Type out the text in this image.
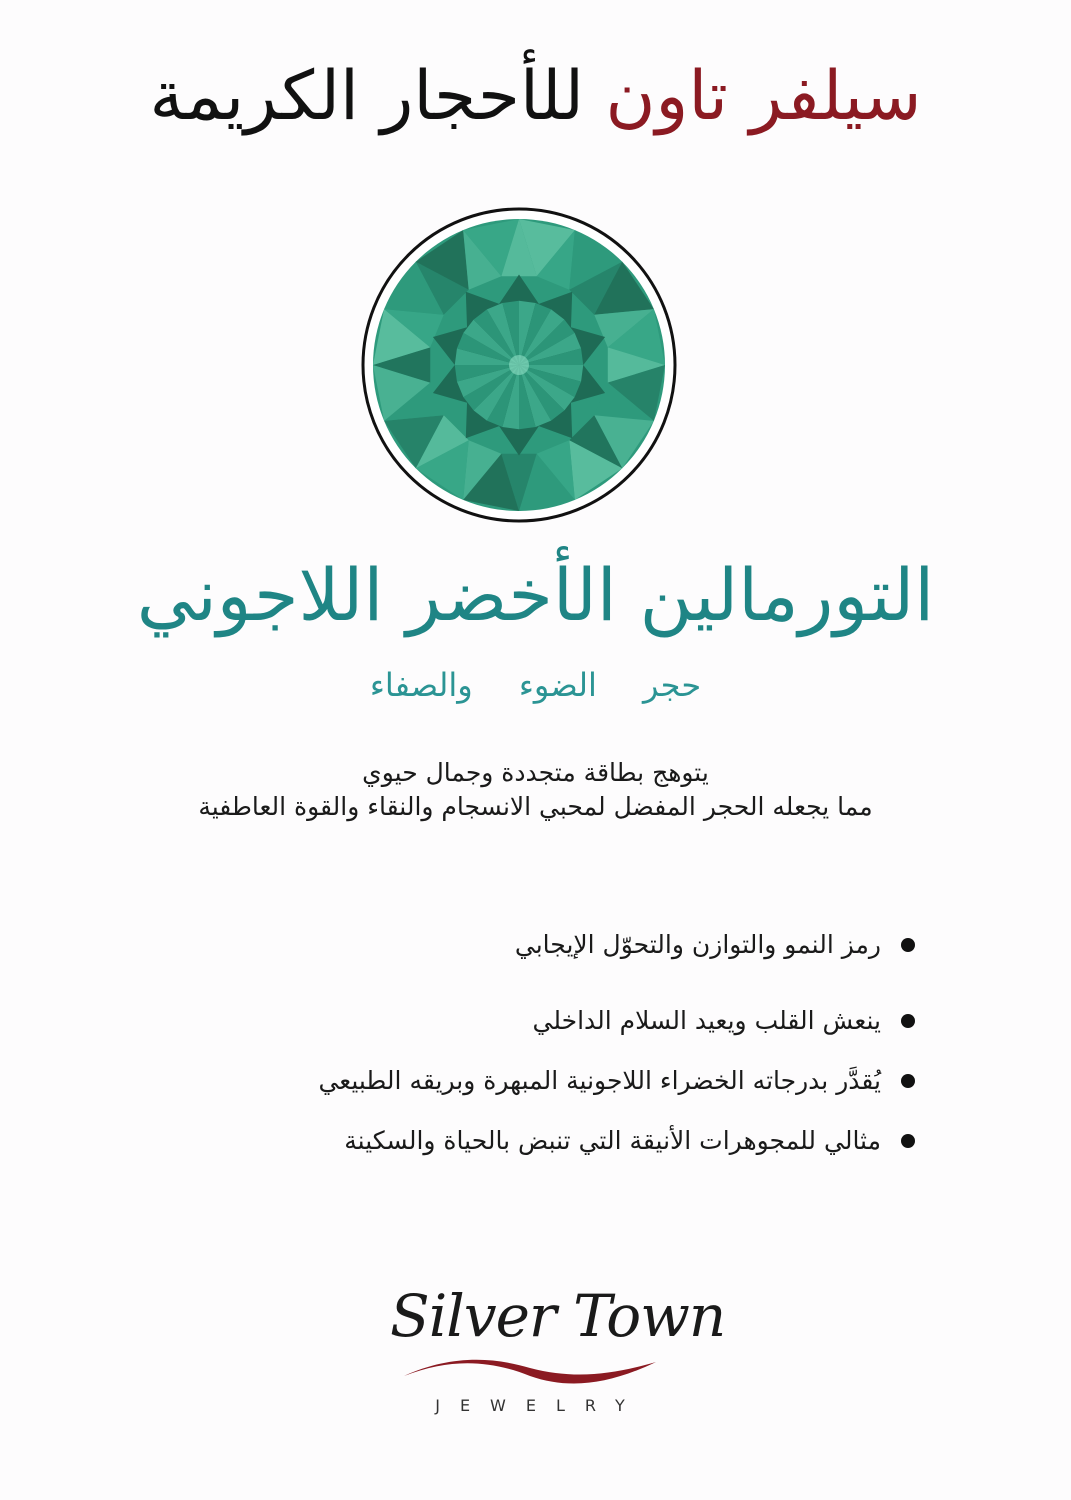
سيلفر تاون للأحجار الكريمة
التورمالين الأخضر اللاجوني
حجر الضوء والصفاء
يتوهج بطاقة متجددة وجمال حيوي
مما يجعله الحجر المفضل لمحبي الانسجام والنقاء والقوة العاطفية
رمز النمو والتوازن والتحوّل الإيجابي
ينعش القلب ويعيد السلام الداخلي
يُقدَّر بدرجاته الخضراء اللاجونية المبهرة وبريقه الطبيعي
مثالي للمجوهرات الأنيقة التي تنبض بالحياة والسكينة
Silver Town
JEWELRY
